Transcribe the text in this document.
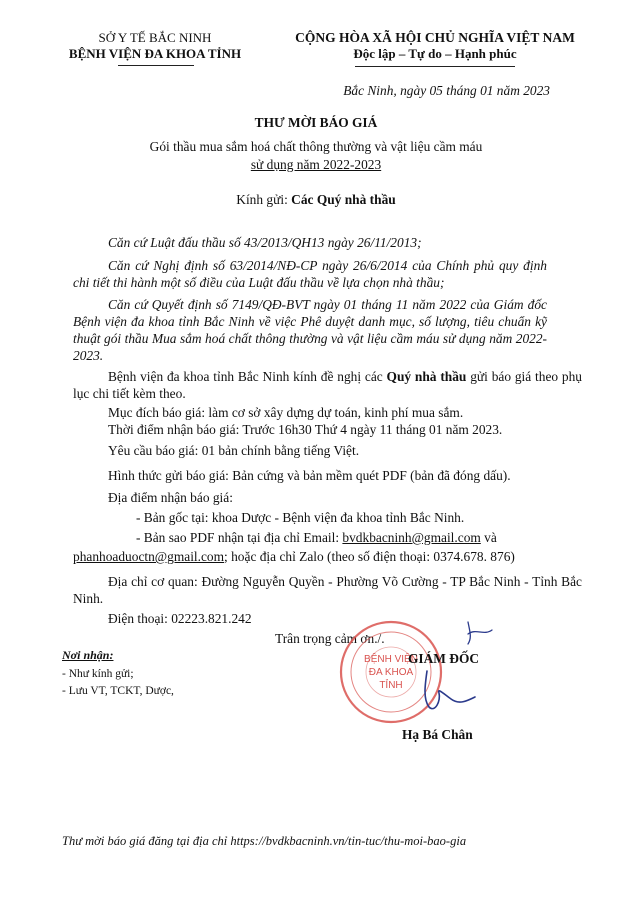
SỞ Y TẾ BẮC NINH
BỆNH VIỆN ĐA KHOA TỈNH
CỘNG HÒA XÃ HỘI CHỦ NGHĨA VIỆT NAM
Độc lập – Tự do – Hạnh phúc
Bắc Ninh, ngày 05 tháng 01 năm 2023
THƯ MỜI BÁO GIÁ
Gói thầu mua sắm hoá chất thông thường và vật liệu cầm máu
sử dụng năm 2022-2023
Kính gửi: Các Quý nhà thầu
Căn cứ Luật đấu thầu số 43/2013/QH13 ngày 26/11/2013;
Căn cứ Nghị định số 63/2014/NĐ-CP ngày 26/6/2014 của Chính phủ quy định chi tiết thi hành một số điều của Luật đấu thầu về lựa chọn nhà thầu;
Căn cứ Quyết định số 7149/QĐ-BVT ngày 01 tháng 11 năm 2022 của Giám đốc Bệnh viện đa khoa tỉnh Bắc Ninh về việc Phê duyệt danh mục, số lượng, tiêu chuẩn kỹ thuật gói thầu Mua sắm hoá chất thông thường và vật liệu cầm máu sử dụng năm 2022-2023.
Bệnh viện đa khoa tỉnh Bắc Ninh kính đề nghị các Quý nhà thầu gửi báo giá theo phụ lục chi tiết kèm theo.
Mục đích báo giá: làm cơ sở xây dựng dự toán, kinh phí mua sắm.
Thời điểm nhận báo giá: Trước 16h30 Thứ 4 ngày 11 tháng 01 năm 2023.
Yêu cầu báo giá: 01 bản chính bằng tiếng Việt.
Hình thức gửi báo giá: Bản cứng và bản mềm quét PDF (bản đã đóng dấu).
Địa điểm nhận báo giá:
- Bản gốc tại: khoa Dược - Bệnh viện đa khoa tỉnh Bắc Ninh.
- Bản sao PDF nhận tại địa chỉ Email: bvdkbacninh@gmail.com và
phanhoaduoctn@gmail.com; hoặc địa chỉ Zalo (theo số điện thoại: 0374.678. 876)
Địa chỉ cơ quan: Đường Nguyễn Quyền - Phường Võ Cường - TP Bắc Ninh - Tỉnh Bắc Ninh.
Điện thoại: 02223.821.242
Trân trọng cảm ơn./.
Nơi nhận:
- Như kính gửi;
- Lưu VT, TCKT, Dược,
BỆNH VIỆN
ĐA KHOA
TỈNH
GIÁM ĐỐC
Hạ Bá Chân
Thư mời báo giá đăng tại địa chỉ https://bvdkbacninh.vn/tin-tuc/thu-moi-bao-gia
